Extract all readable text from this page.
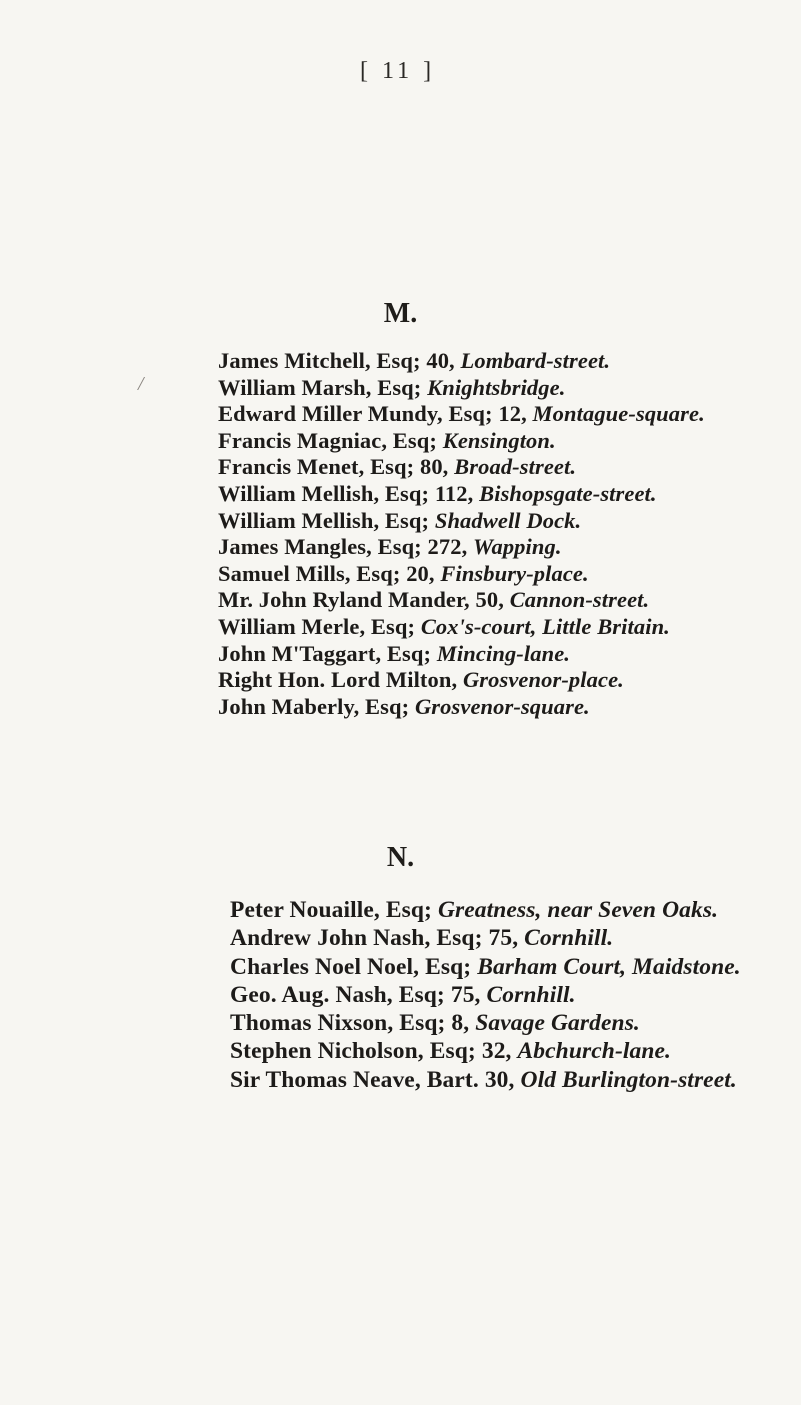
[ 11 ]
M.
/
James Mitchell, Esq; 40, Lombard-street.
William Marsh, Esq; Knightsbridge.
Edward Miller Mundy, Esq; 12, Montague-square.
Francis Magniac, Esq; Kensington.
Francis Menet, Esq; 80, Broad-street.
William Mellish, Esq; 112, Bishopsgate-street.
William Mellish, Esq; Shadwell Dock.
James Mangles, Esq; 272, Wapping.
Samuel Mills, Esq; 20, Finsbury-place.
Mr. John Ryland Mander, 50, Cannon-street.
William Merle, Esq; Cox's-court, Little Britain.
John M'Taggart, Esq; Mincing-lane.
Right Hon. Lord Milton, Grosvenor-place.
John Maberly, Esq; Grosvenor-square.
N.
Peter Nouaille, Esq; Greatness, near Seven Oaks.
Andrew John Nash, Esq; 75, Cornhill.
Charles Noel Noel, Esq; Barham Court, Maidstone.
Geo. Aug. Nash, Esq; 75, Cornhill.
Thomas Nixson, Esq; 8, Savage Gardens.
Stephen Nicholson, Esq; 32, Abchurch-lane.
Sir Thomas Neave, Bart. 30, Old Burlington-street.
